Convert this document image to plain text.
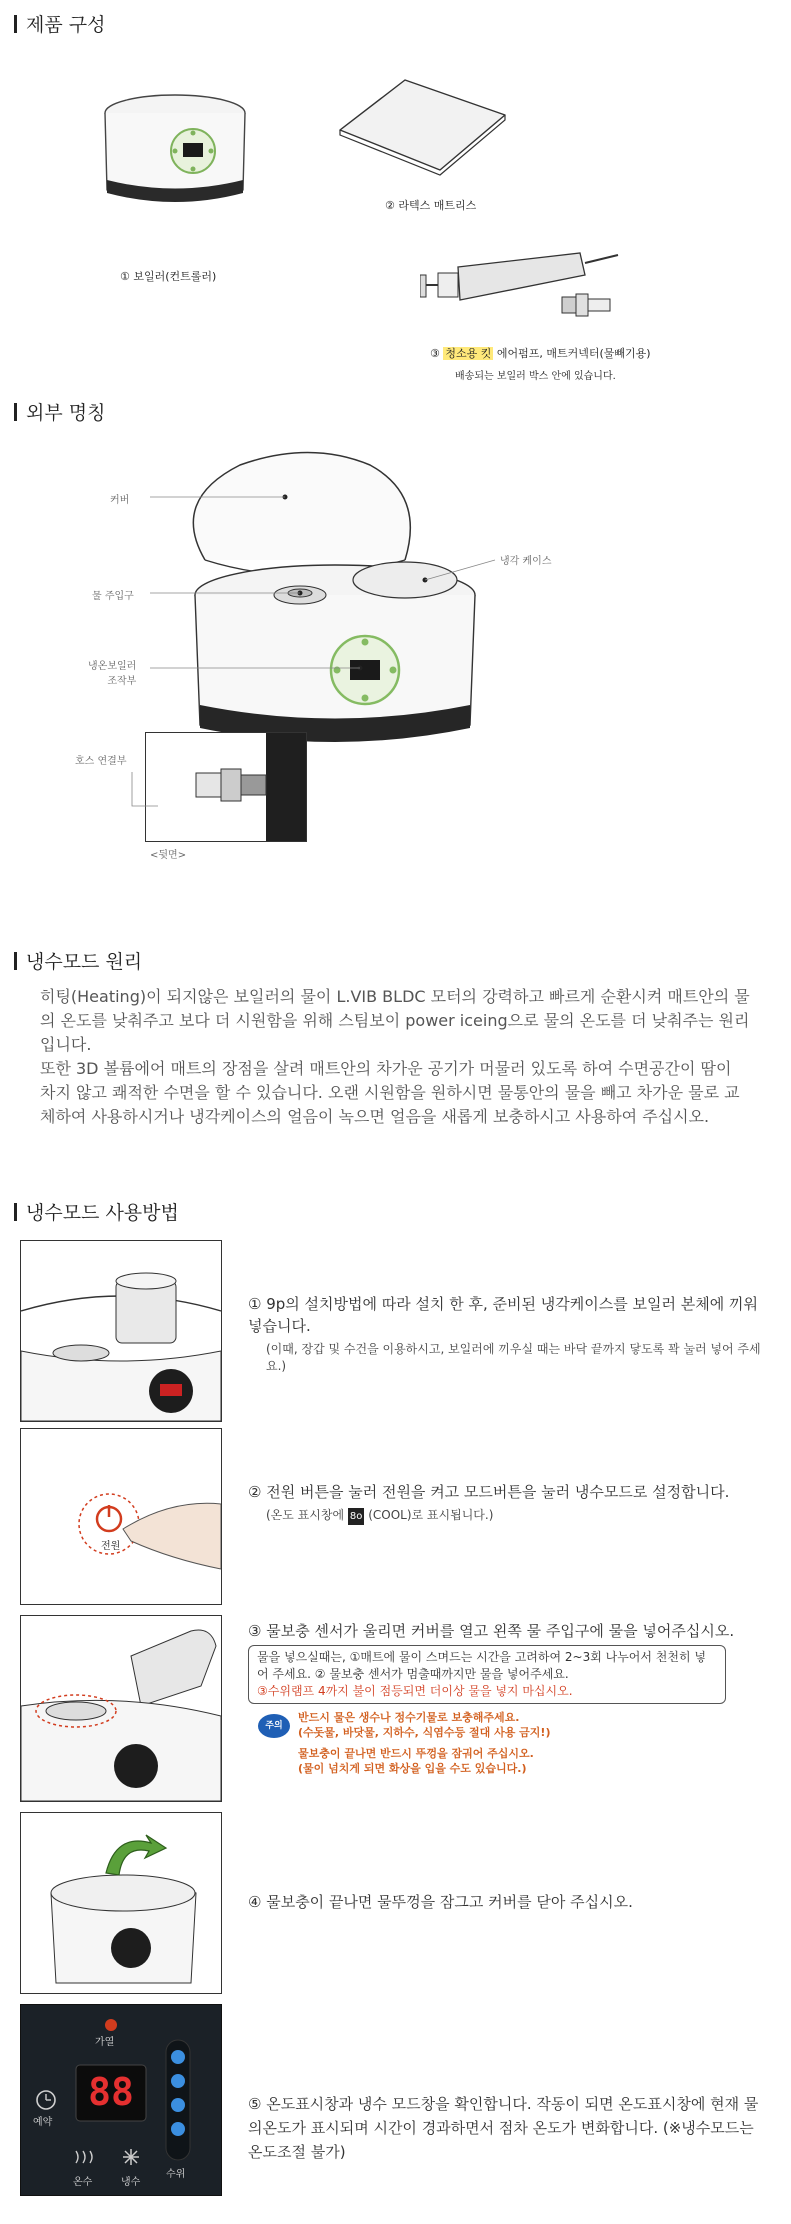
제품 구성
① 보일러(컨트롤러)
② 라텍스 매트리스
③ 청소용 킷 에어펌프, 매트커넥터(물빼기용)
배송되는 보일러 박스 안에 있습니다.
외부 명칭
커버
물 주입구
냉온보일러
조작부
냉각 케이스
호스 연결부
<뒷면>
냉수모드 원리

히팅(Heating)이 되지않은 보일러의 물이 L.VIB BLDC 모터의 강력하고 빠르게 순환시켜 매트안의 물의 온도를 낮춰주고 보다 더 시원함을 위해 스팀보이 power iceing으로 물의 온도를 더 낮춰주는 원리입니다.

또한 3D 볼륨에어 매트의 장점을 살려 매트안의 차가운 공기가 머물러 있도록 하여 수면공간이 땀이 차지 않고 쾌적한 수면을 할 수 있습니다. 오랜 시원함을 원하시면 물통안의 물을 빼고 차가운 물로 교체하여 사용하시거나 냉각케이스의 얼음이 녹으면 얼음을 새롭게 보충하시고 사용하여 주십시오.

냉수모드 사용방법
① 9p의 설치방법에 따라 설치 한 후, 준비된 냉각케이스를 보일러 본체에 끼워넣습니다.
(이때, 장갑 및 수건을 이용하시고, 보일러에 끼우실 때는 바닥 끝까지 닿도록 꽉 눌러 넣어 주세요.)
전원
② 전원 버튼을 눌러 전원을 켜고 모드버튼을 눌러 냉수모드로 설정합니다.
(온도 표시창에 8o (COOL)로 표시됩니다.)
③ 물보충 센서가 울리면 커버를 열고 왼쪽 물 주입구에 물을 넣어주십시오.
물을 넣으실때는, ①매트에 물이 스며드는 시간을 고려하여 2~3회 나누어서 천천히 넣어 주세요. ② 물보충 센서가 멈출때까지만 물을 넣어주세요.
③수위램프 4까지 불이 점등되면 더이상 물을 넣지 마십시오.
주의
반드시 물은 생수나 정수기물로 보충해주세요.
(수돗물, 바닷물, 지하수, 식염수등 절대 사용 금지!)
물보충이 끝나면 반드시 뚜껑을 잠궈어 주십시오.
(물이 넘치게 되면 화상을 입을 수도 있습니다.)
④ 물보충이 끝나면 물뚜껑을 잠그고 커버를 닫아 주십시오.
가열
88
예약
온수	냉수
수위
⑤ 온도표시창과 냉수 모드창을 확인합니다. 작동이 되면 온도표시창에 현재 물의온도가 표시되며 시간이 경과하면서 점차 온도가 변화합니다. (※냉수모드는 온도조절 불가)
